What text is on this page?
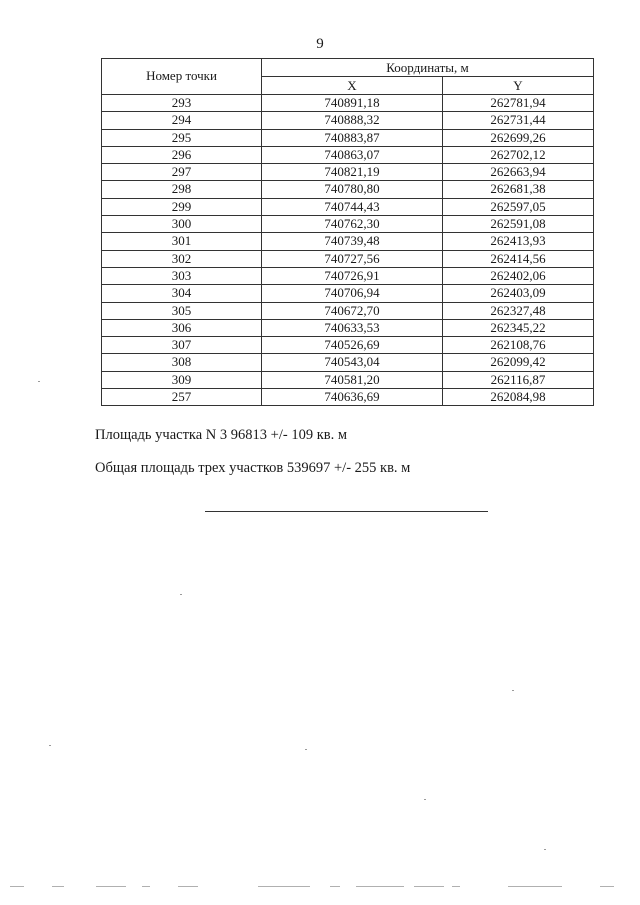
9
Номер точки	Координаты, м	
	X	Y
293	740891,18	262781,94
294	740888,32	262731,44
295	740883,87	262699,26
296	740863,07	262702,12
297	740821,19	262663,94
298	740780,80	262681,38
299	740744,43	262597,05
300	740762,30	262591,08
301	740739,48	262413,93
302	740727,56	262414,56
303	740726,91	262402,06
304	740706,94	262403,09
305	740672,70	262327,48
306	740633,53	262345,22
307	740526,69	262108,76
308	740543,04	262099,42
309	740581,20	262116,87
257	740636,69	262084,98
Площадь участка N 3 96813 +/- 109 кв. м
Общая площадь трех участков 539697 +/- 255 кв. м
